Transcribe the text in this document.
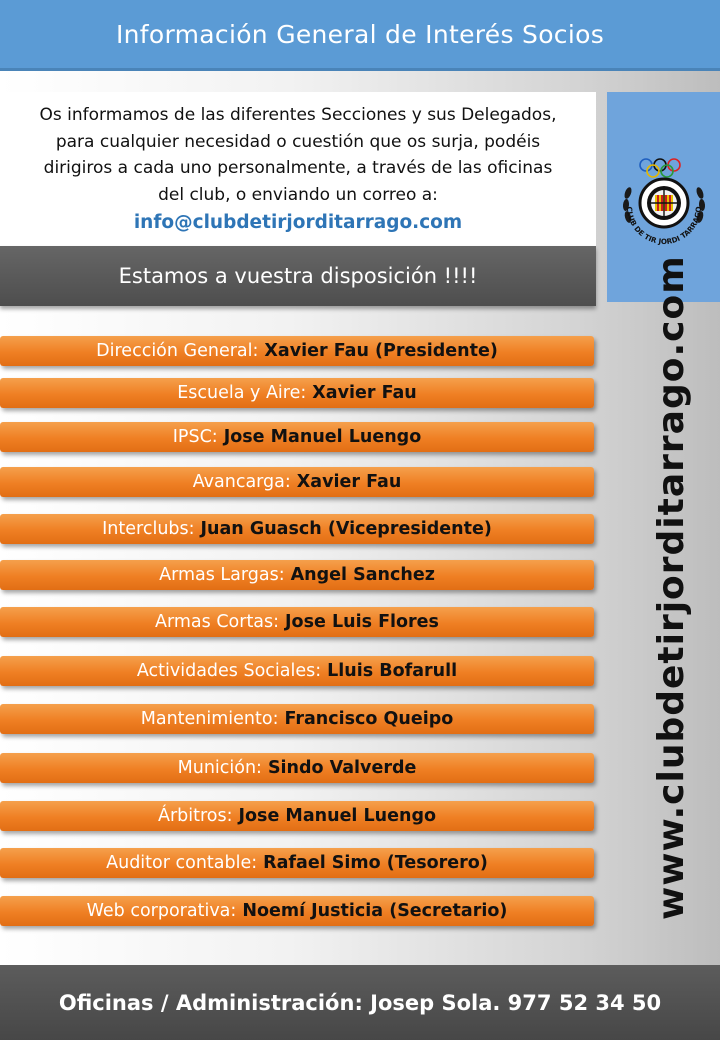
Información General de Interés Socios

Os informamos de las diferentes Secciones y sus Delegados,

para cualquier necesidad o cuestión que os surja, podéis

dirigiros a cada uno personalmente, a través de las oficinas

del club, o enviando un correo a:

info@clubdetirjorditarrago.com

Estamos a vuestra disposición !!!!
CLUB DE TIR JORDI TARRAGO
Dirección General: Xavier Fau (Presidente)
Escuela y Aire: Xavier Fau
IPSC: Jose Manuel Luengo
Avancarga: Xavier Fau
Interclubs: Juan Guasch (Vicepresidente)
Armas Largas: Angel Sanchez
Armas Cortas: Jose Luis Flores
Actividades Sociales: Lluis Bofarull
Mantenimiento: Francisco Queipo
Munición: Sindo Valverde
Árbitros: Jose Manuel Luengo
Auditor contable: Rafael Simo (Tesorero)
Web corporativa: Noemí Justicia (Secretario)	www.clubdetirjorditarrago.com
Oficinas / Administración: Josep Sola. 977 52 34 50
